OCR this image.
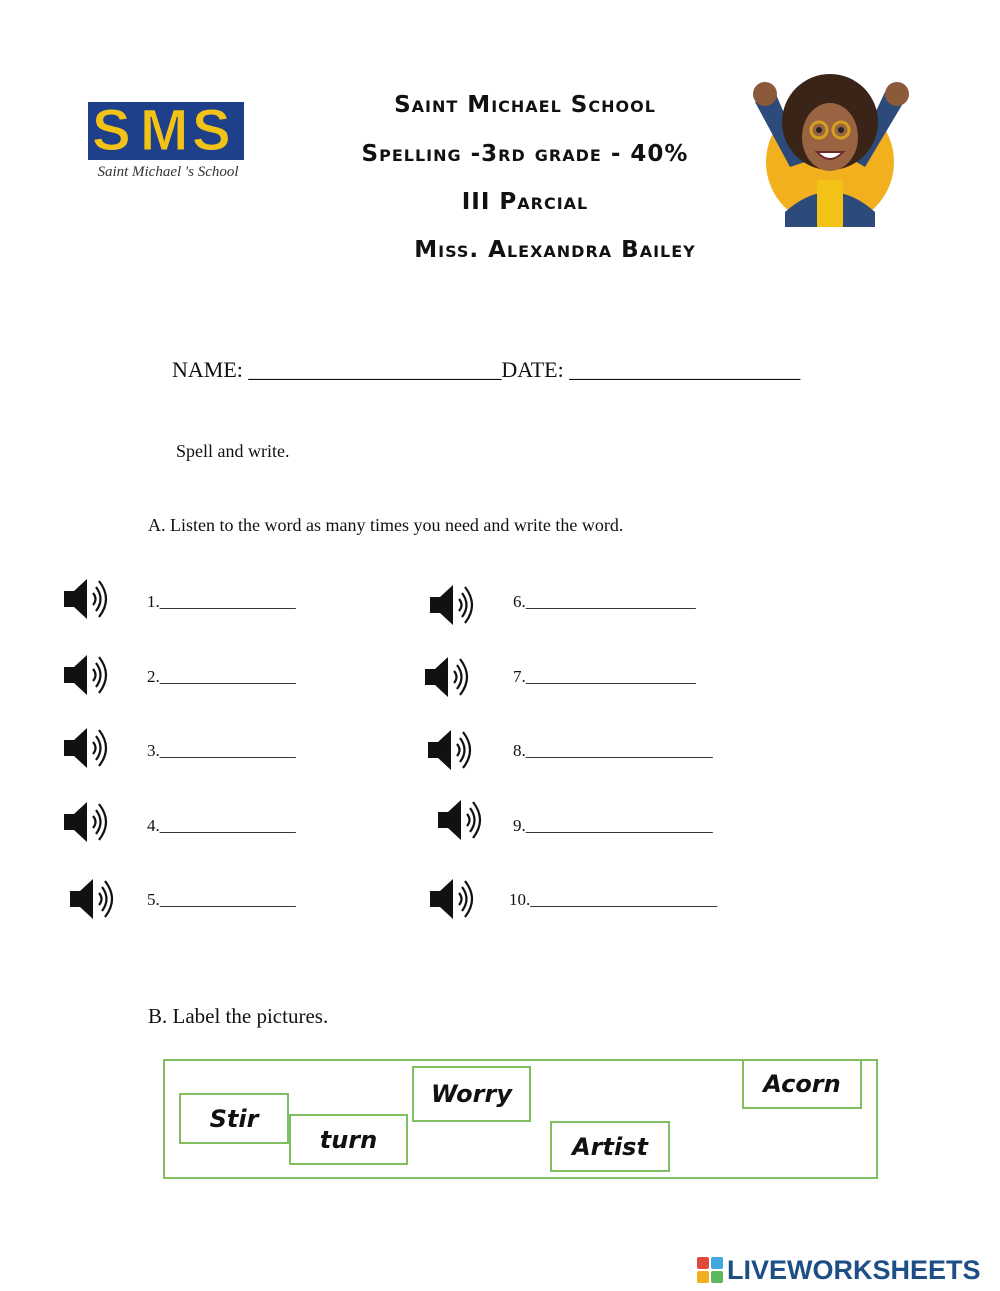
S M S
Saint Michael 's School
Saint Michael School
Spelling -3rd grade - 40%
III Parcial
Miss. Alexandra Bailey
NAME: _______________________DATE: _____________________
Spell and write.
A. Listen to the word as many times you need and write the word.
1.________________
2.________________
3.________________
4.________________
5.________________
6.____________________
7.____________________
8.______________________
9.______________________
10.______________________
B. Label the pictures.
Stir
turn
Worry
Artist
Acorn
LIVEWORKSHEETS
